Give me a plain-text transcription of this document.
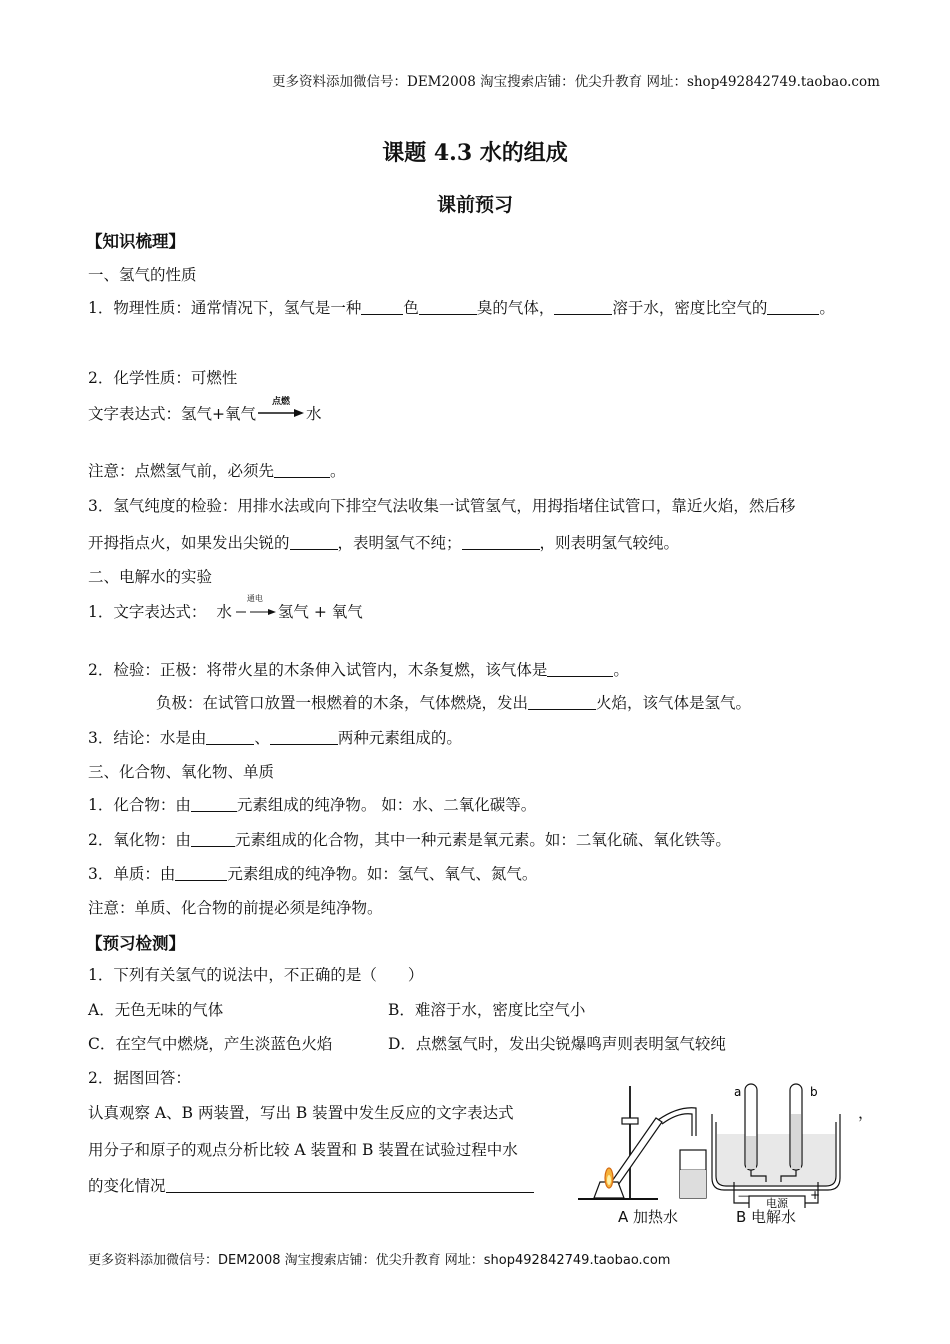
更多资料添加微信号：DEM2008 淘宝搜索店铺：优尖升教育 网址：shop492842749.taobao.com
课题 4.3 水的组成
课前预习
【知识梳理】
一、氢气的性质
1．物理性质：通常情况下，氢气是一种	色	臭的气体，	溶于水，密度比空气的	。
2．化学性质：可燃性
文字表达式：氢气+氧气
点燃
水
注意：点燃氢气前，必须先	。
3．氢气纯度的检验：用排水法或向下排空气法收集一试管氢气，用拇指堵住试管口，靠近火焰，然后移
开拇指点火，如果发出尖锐的	，表明氢气不纯；	，则表明氢气较纯。
二、电解水的实验
1．文字表达式： 水
通电
氢气 + 氧气
2．检验：正极：将带火星的木条伸入试管内，木条复燃，该气体是	。
负极：在试管口放置一根燃着的木条，气体燃烧，发出	火焰，该气体是氢气。
3．结论：水是由	、	两种元素组成的。
三、化合物、氧化物、单质
1．化合物：由	元素组成的纯净物。 如：水、二氧化碳等。
2．氧化物：由	元素组成的化合物，其中一种元素是氧元素。如：二氧化硫、氧化铁等。
3．单质：由	元素组成的纯净物。如：氢气、氧气、氮气。
注意：单质、化合物的前提必须是纯净物。
【预习检测】
1．下列有关氢气的说法中，不正确的是（　　）
A．无色无味的气体	B．难溶于水，密度比空气小
C．在空气中燃烧，产生淡蓝色火焰	D．点燃氢气时，发出尖锐爆鸣声则表明氢气较纯
2．据图回答：
认真观察 A、B 两装置，写出 B 装置中发生反应的文字表达式	，
用分子和原子的观点分析比较 A 装置和 B 装置在试验过程中水
的变化情况
a	b
电源
—	+
A 加热水	B 电解水
更多资料添加微信号：DEM2008 淘宝搜索店铺：优尖升教育 网址：shop492842749.taobao.com
